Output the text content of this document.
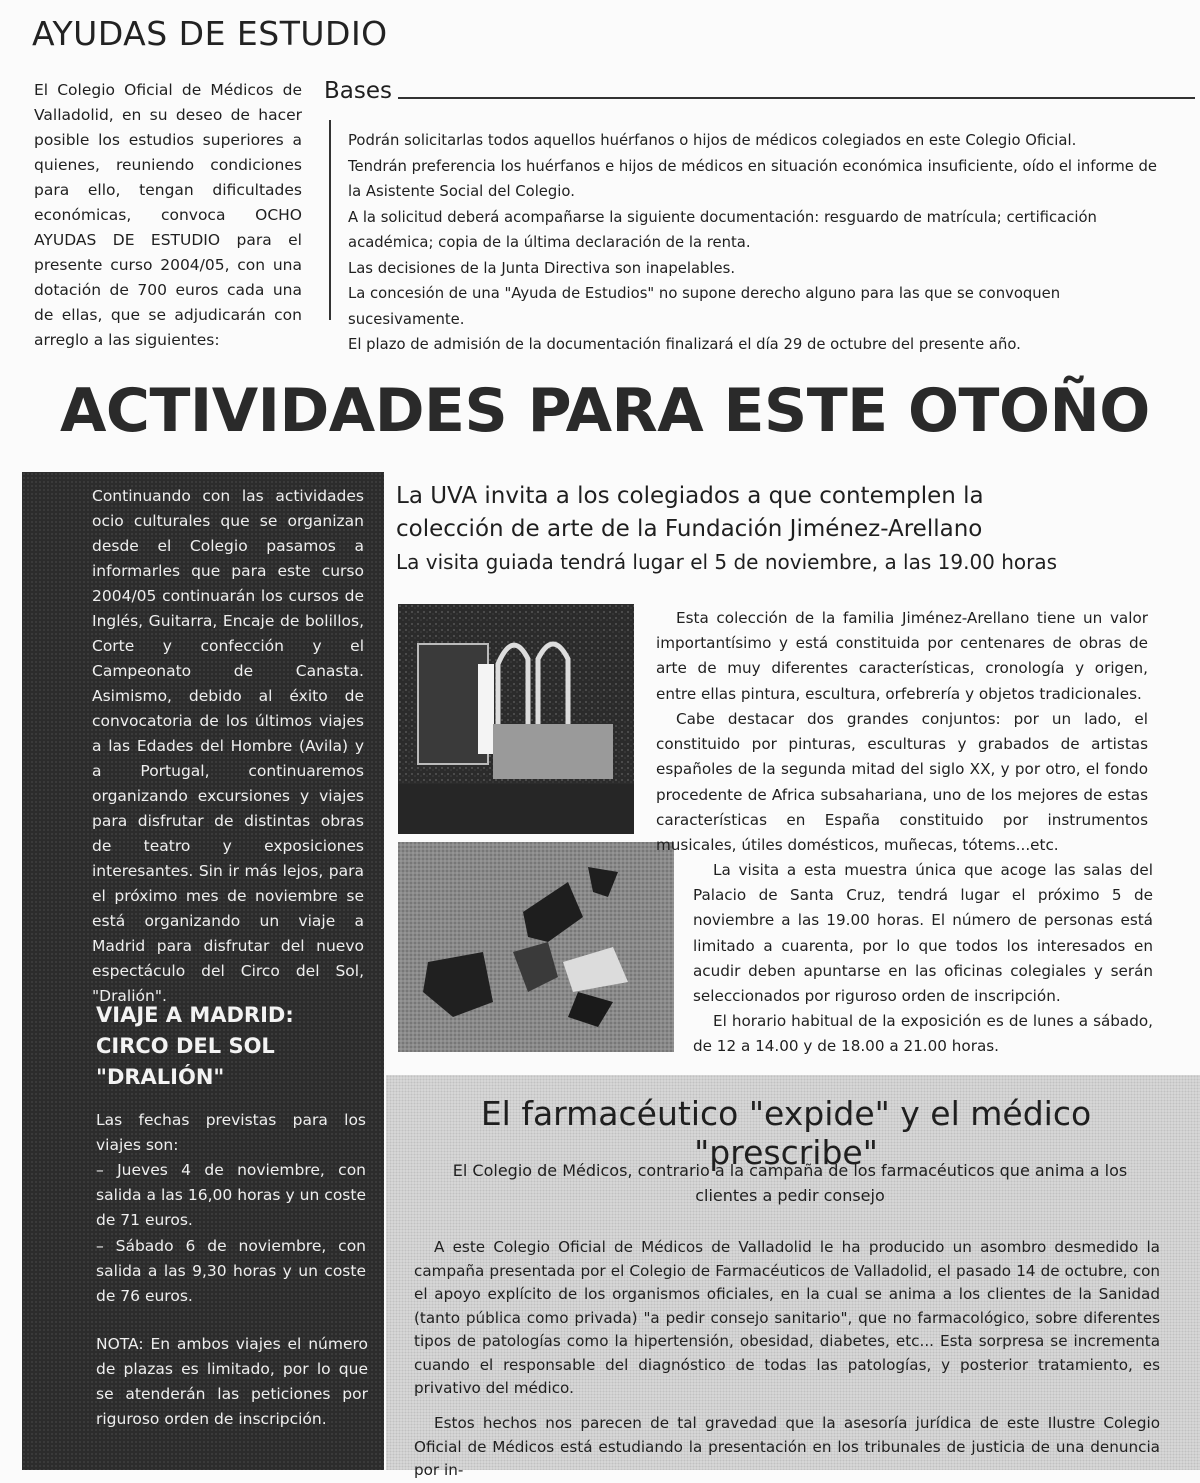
AYUDAS DE ESTUDIO

El Colegio Oficial de Médicos de Valladolid, en su deseo de hacer posible los estudios superiores a quienes, reuniendo condiciones para ello, tengan dificultades económicas, convoca OCHO AYUDAS DE ESTUDIO para el presente curso 2004/05, con una dotación de 700 euros cada una de ellas, que se adjudicarán con arreglo a las siguientes:

Bases
Podrán solicitarlas todos aquellos huérfanos o hijos de médicos colegiados en este Colegio Oficial.
Tendrán preferencia los huérfanos e hijos de médicos en situación económica insuficiente, oído el informe de la Asistente Social del Colegio.
A la solicitud deberá acompañarse la siguiente documentación: resguardo de matrícula; certificación académica; copia de la última declaración de la renta.
Las decisiones de la Junta Directiva son inapelables.
La concesión de una "Ayuda de Estudios" no supone derecho alguno para las que se convoquen sucesivamente.
El plazo de admisión de la documentación finalizará el día 29 de octubre del presente año.
ACTIVIDADES PARA ESTE OTOÑO

Continuando con las actividades ocio culturales que se organizan desde el Colegio pasamos a informarles que para este curso 2004/05 continuarán los cursos de Inglés, Guitarra, Encaje de bolillos, Corte y confección y el Campeonato de Canasta. Asimismo, debido al éxito de convocatoria de los últimos viajes a las Edades del Hombre (Avila) y a Portugal, continuaremos organizando excursiones y viajes para disfrutar de distintas obras de teatro y exposiciones interesantes. Sin ir más lejos, para el próximo mes de noviembre se está organizando un viaje a Madrid para disfrutar del nuevo espectáculo del Circo del Sol, "Dralión".

VIAJE A MADRID: CIRCO DEL SOL "DRALIÓN"

Las fechas previstas para los viajes son:

– Jueves 4 de noviembre, con salida a las 16,00 horas y un coste de 71 euros.

– Sábado 6 de noviembre, con salida a las 9,30 horas y un coste de 76 euros.

NOTA: En ambos viajes el número de plazas es limitado, por lo que se atenderán las peticiones por riguroso orden de inscripción.

La UVA invita a los colegiados a que contemplen la colección de arte de la Fundación Jiménez-Arellano
La visita guiada tendrá lugar el 5 de noviembre, a las 19.00 horas

Esta colección de la familia Jiménez-Arellano tiene un valor importantísimo y está constituida por centenares de obras de arte de muy diferentes características, cronología y origen, entre ellas pintura, escultura, orfebrería y objetos tradicionales.

Cabe destacar dos grandes conjuntos: por un lado, el constituido por pinturas, esculturas y grabados de artistas españoles de la segunda mitad del siglo XX, y por otro, el fondo procedente de Africa subsahariana, uno de los mejores de estas características en España constituido por instrumentos musicales, útiles domésticos, muñecas, tótems...etc.

La visita a esta muestra única que acoge las salas del Palacio de Santa Cruz, tendrá lugar el próximo 5 de noviembre a las 19.00 horas. El número de personas está limitado a cuarenta, por lo que todos los interesados en acudir deben apuntarse en las oficinas colegiales y serán seleccionados por riguroso orden de inscripción.

El horario habitual de la exposición es de lunes a sábado, de 12 a 14.00 y de 18.00 a 21.00 horas.

El farmacéutico "expide" y el médico "prescribe"

El Colegio de Médicos, contrario a la campaña de los farmacéuticos que anima a los clientes a pedir consejo

A este Colegio Oficial de Médicos de Valladolid le ha producido un asombro desmedido la campaña presentada por el Colegio de Farmacéuticos de Valladolid, el pasado 14 de octubre, con el apoyo explícito de los organismos oficiales, en la cual se anima a los clientes de la Sanidad (tanto pública como privada) "a pedir consejo sanitario", que no farmacológico, sobre diferentes tipos de patologías como la hipertensión, obesidad, diabetes, etc... Esta sorpresa se incrementa cuando el responsable del diagnóstico de todas las patologías, y posterior tratamiento, es privativo del médico.

Estos hechos nos parecen de tal gravedad que la asesoría jurídica de este Ilustre Colegio Oficial de Médicos está estudiando la presentación en los tribunales de justicia de una denuncia por in-
